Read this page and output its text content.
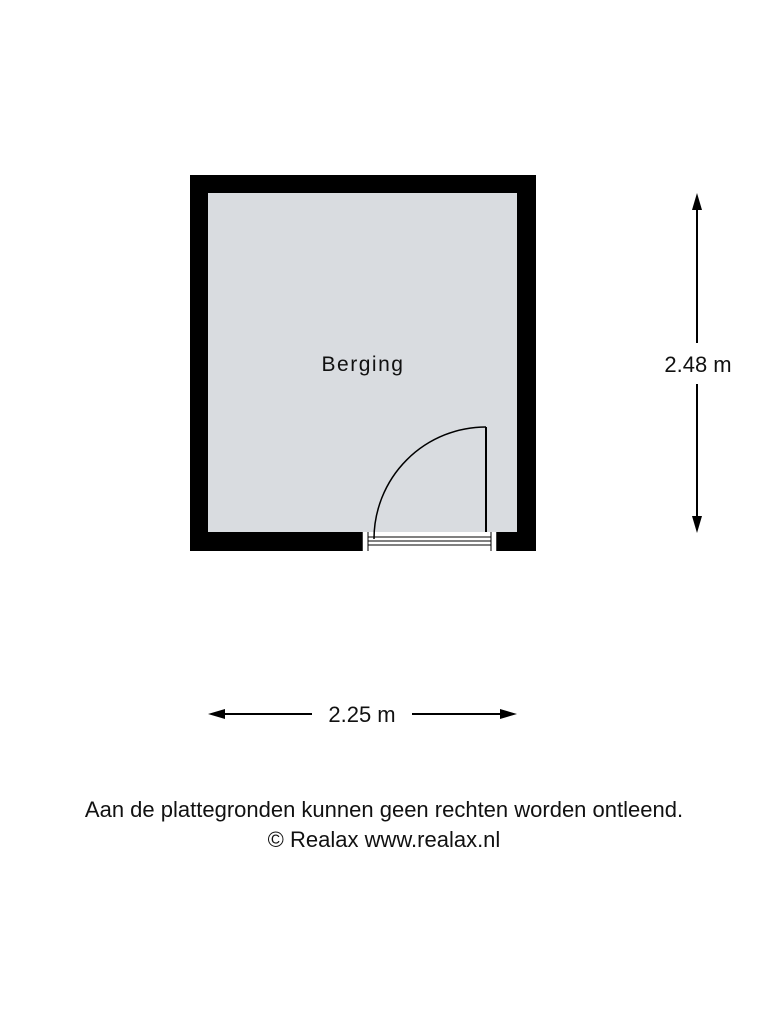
Berging	2.48 m
2.25 m

Aan de plattegronden kunnen geen rechten worden ontleend.

© Realax www.realax.nl
